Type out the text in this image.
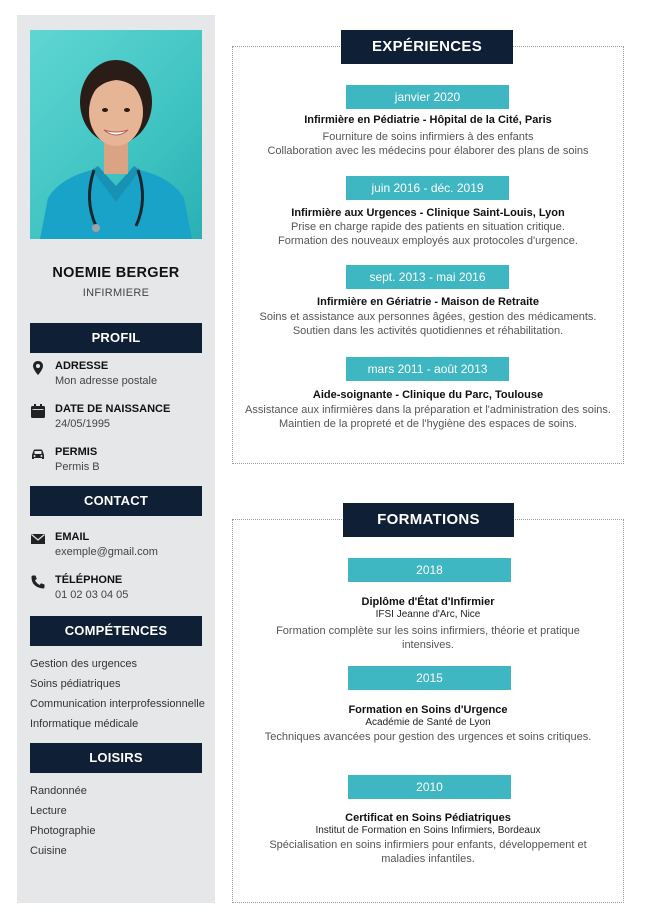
NOEMIE BERGER
INFIRMIERE
PROFIL
ADRESSE
Mon adresse postale
DATE DE NAISSANCE
24/05/1995
PERMIS
Permis B
CONTACT
EMAIL
exemple@gmail.com
TÉLÉPHONE
01 02 03 04 05
COMPÉTENCES
Gestion des urgences
Soins pédiatriques
Communication interprofessionnelle
Informatique médicale
LOISIRS
Randonnée
Lecture
Photographie
Cuisine
EXPÉRIENCES
janvier 2020
Infirmière en Pédiatrie - Hôpital de la Cité, Paris
Fourniture de soins infirmiers à des enfants
Collaboration avec les médecins pour élaborer des plans de soins
juin 2016 - déc. 2019
Infirmière aux Urgences - Clinique Saint-Louis, Lyon
Prise en charge rapide des patients en situation critique.
Formation des nouveaux employés aux protocoles d'urgence.
sept. 2013 - mai 2016
Infirmière en Gériatrie - Maison de Retraite
Soins et assistance aux personnes âgées, gestion des médicaments.
Soutien dans les activités quotidiennes et réhabilitation.
mars 2011 - août 2013
Aide-soignante - Clinique du Parc, Toulouse
Assistance aux infirmières dans la préparation et l'administration des soins.
Maintien de la propreté et de l'hygiène des espaces de soins.
FORMATIONS
2018
Diplôme d'État d'Infirmier
IFSI Jeanne d'Arc, Nice
Formation complète sur les soins infirmiers, théorie et pratique intensives.
2015
Formation en Soins d'Urgence
Académie de Santé de Lyon
Techniques avancées pour gestion des urgences et soins critiques.
2010
Certificat en Soins Pédiatriques
Institut de Formation en Soins Infirmiers, Bordeaux
Spécialisation en soins infirmiers pour enfants, développement et maladies infantiles.
